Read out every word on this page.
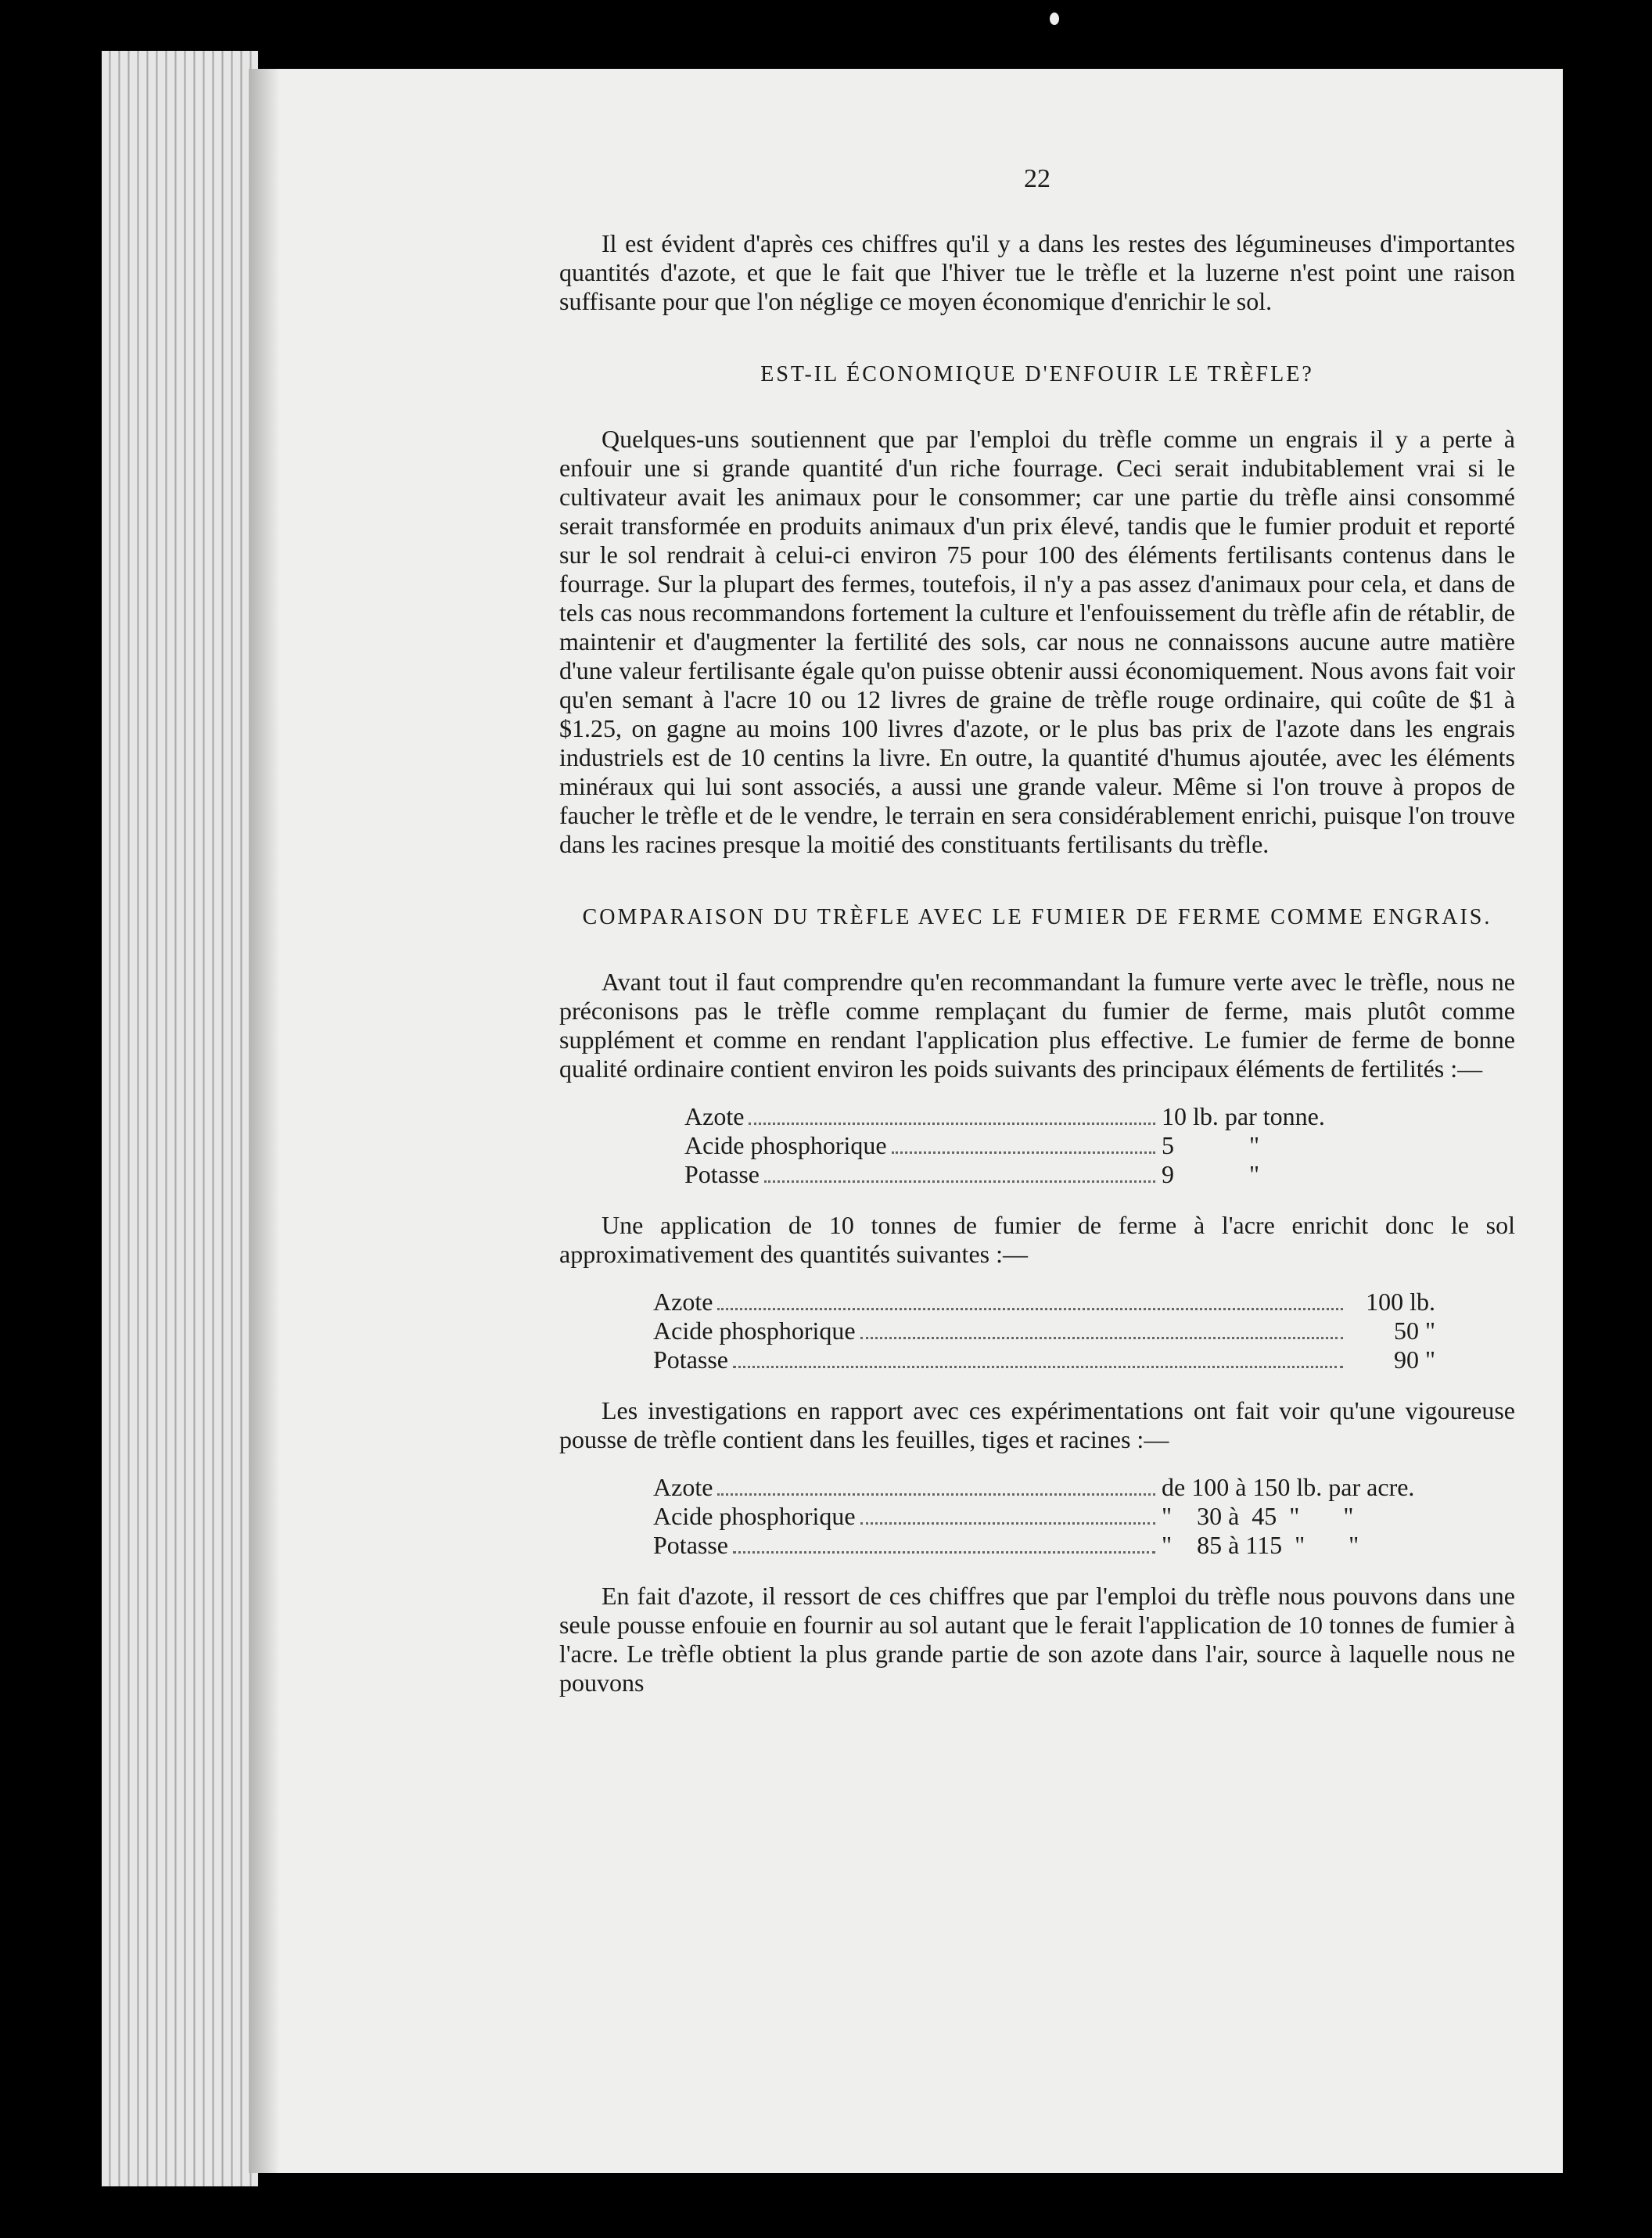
22

Il est évident d'après ces chiffres qu'il y a dans les restes des légumineuses d'importantes quantités d'azote, et que le fait que l'hiver tue le trèfle et la luzerne n'est point une raison suffisante pour que l'on néglige ce moyen économique d'enrichir le sol.

EST-IL ÉCONOMIQUE D'ENFOUIR LE TRÈFLE?

Quelques-uns soutiennent que par l'emploi du trèfle comme un engrais il y a perte à enfouir une si grande quantité d'un riche fourrage. Ceci serait indubitablement vrai si le cultivateur avait les animaux pour le consommer; car une partie du trèfle ainsi consommé serait transformée en produits animaux d'un prix élevé, tandis que le fumier produit et reporté sur le sol rendrait à celui-ci environ 75 pour 100 des éléments fertilisants contenus dans le fourrage. Sur la plupart des fermes, toutefois, il n'y a pas assez d'animaux pour cela, et dans de tels cas nous recommandons fortement la culture et l'enfouissement du trèfle afin de rétablir, de maintenir et d'augmenter la fertilité des sols, car nous ne connaissons aucune autre matière d'une valeur fertilisante égale qu'on puisse obtenir aussi économiquement. Nous avons fait voir qu'en semant à l'acre 10 ou 12 livres de graine de trèfle rouge ordinaire, qui coûte de $1 à $1.25, on gagne au moins 100 livres d'azote, or le plus bas prix de l'azote dans les engrais industriels est de 10 centins la livre. En outre, la quantité d'humus ajoutée, avec les éléments minéraux qui lui sont associés, a aussi une grande valeur. Même si l'on trouve à propos de faucher le trèfle et de le vendre, le terrain en sera considérablement enrichi, puisque l'on trouve dans les racines presque la moitié des constituants fertilisants du trèfle.

COMPARAISON DU TRÈFLE AVEC LE FUMIER DE FERME COMME ENGRAIS.

Avant tout il faut comprendre qu'en recommandant la fumure verte avec le trèfle, nous ne préconisons pas le trèfle comme remplaçant du fumier de ferme, mais plutôt comme supplément et comme en rendant l'application plus effective. Le fumier de ferme de bonne qualité ordinaire contient environ les poids suivants des principaux éléments de fertilités :—

Azote	10 lb. par tonne.
Acide phosphorique	5            "
Potasse	9            "

Une application de 10 tonnes de fumier de ferme à l'acre enrichit donc le sol approximativement des quantités suivantes :—

Azote	100 lb.
Acide phosphorique	50 "
Potasse	90 "

Les investigations en rapport avec ces expérimentations ont fait voir qu'une vigoureuse pousse de trèfle contient dans les feuilles, tiges et racines :—

Azote	de 100 à 150 lb. par acre.
Acide phosphorique	"    30 à  45  "       "
Potasse	"    85 à 115  "       "

En fait d'azote, il ressort de ces chiffres que par l'emploi du trèfle nous pouvons dans une seule pousse enfouie en fournir au sol autant que le ferait l'application de 10 tonnes de fumier à l'acre. Le trèfle obtient la plus grande partie de son azote dans l'air, source à laquelle nous ne pouvons
